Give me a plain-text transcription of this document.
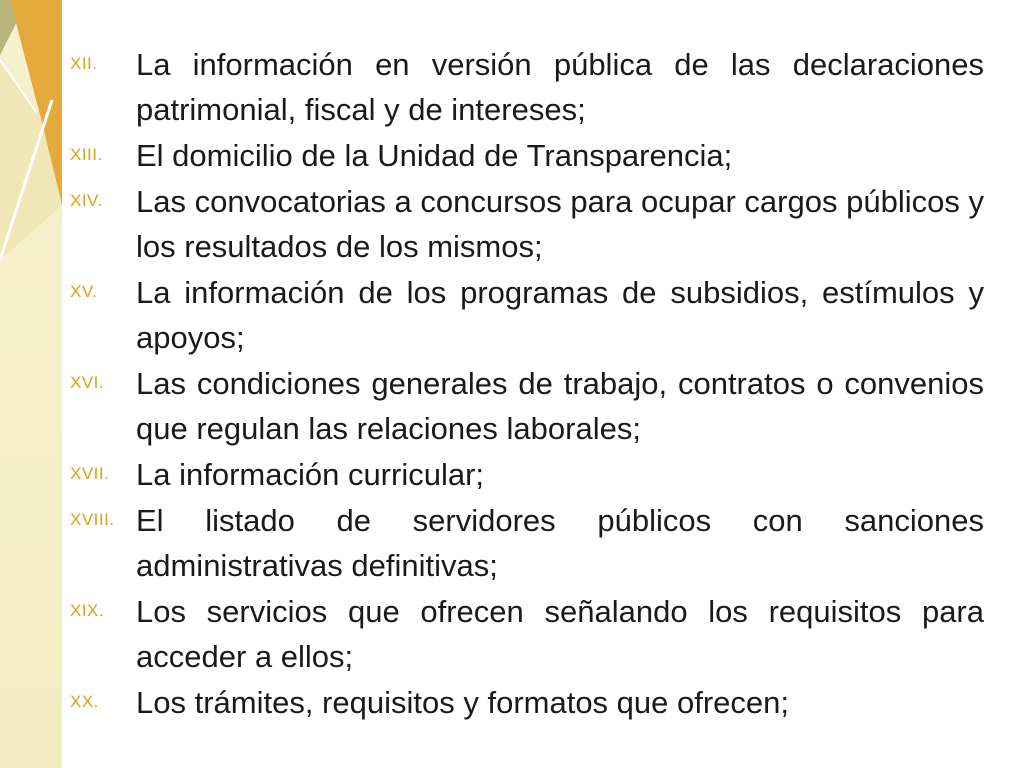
XII.	La información en versión pública de las declaraciones patrimonial, fiscal y de intereses;
XIII.	El domicilio de la Unidad de Transparencia;
XIV.	Las convocatorias a concursos para ocupar cargos públicos y los resultados de los mismos;
XV.	La información de los programas de subsidios, estímulos y apoyos;
XVI.	Las condiciones generales de trabajo, contratos o convenios que regulan las relaciones laborales;
XVII. La información curricular;
XVIII. El listado de servidores públicos con sanciones administrativas definitivas;
XIX.	Los servicios que ofrecen señalando los requisitos para acceder a ellos;
XX.	Los trámites, requisitos y formatos que ofrecen;
